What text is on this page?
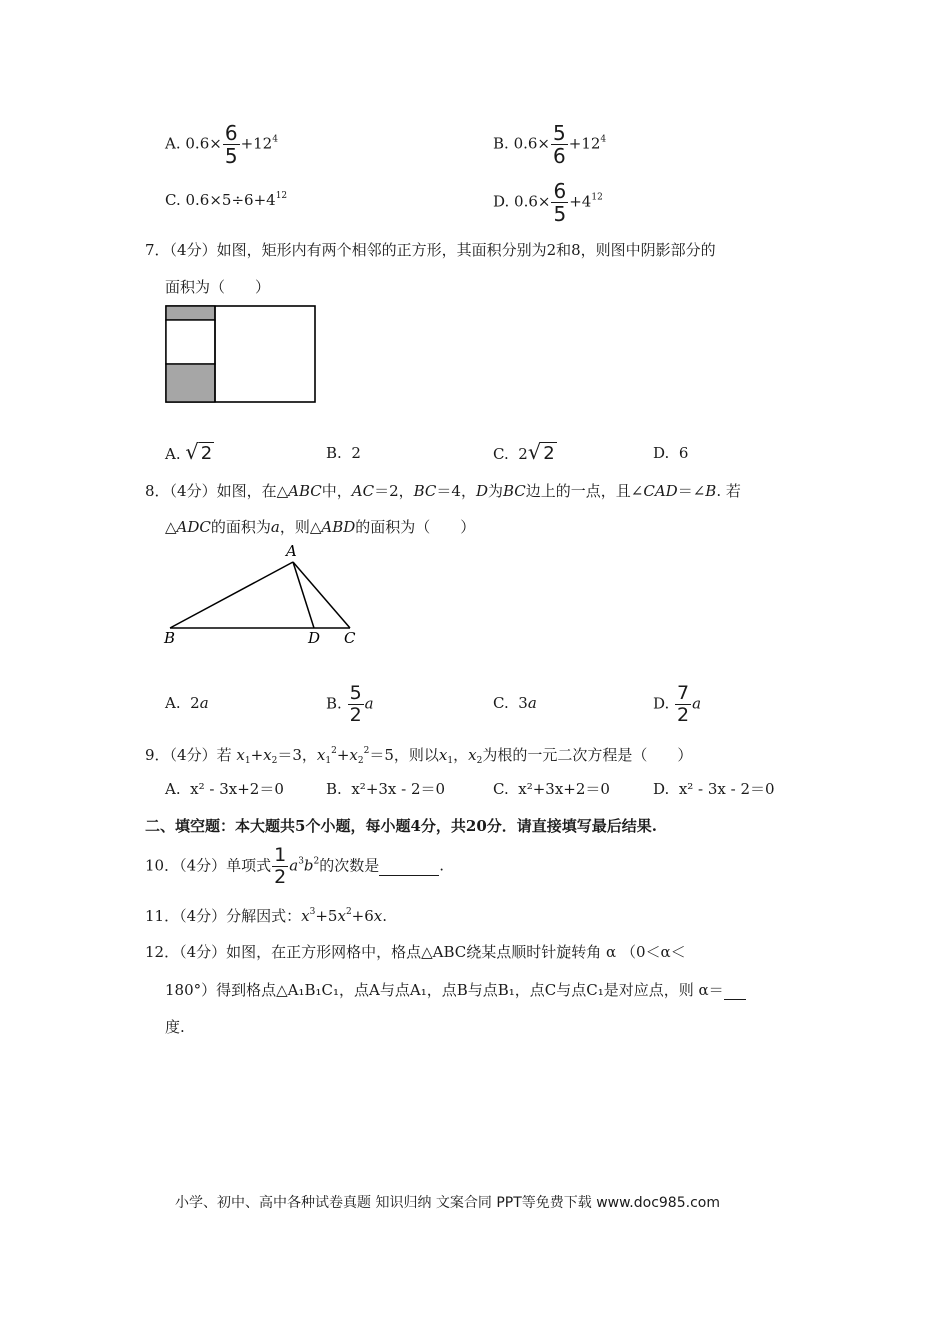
A. $0.6\times \frac{6}{5} +12^4$	B. $0.6\times \frac{5}{6} +12^4$
C. $0.6\times 5\div 6+4^{12}$	D. $0.6\times \frac{6}{5} +4^{12}$
7．（4分）如图，矩形内有两个相邻的正方形，其面积分别为2和8，则图中阴影部分的
面积为（　　）
A. √ 2	B. 2	C. 2√ 2	D. 6
8．（4分）如图，在△ABC中，AC＝2，BC＝4，D为BC边上的一点，且∠CAD＝∠B. 若
△ADC的面积为a，则△ABD的面积为（　　）
A
B	D C
A. 2a	B. $\frac{5}{2}$ a	C. 3a	D. $\frac{7}{2}$ a
9．（4分）若 $x_1+x_2=3$，$x_1^2+x_2^2=5$，则以$x_1$，$x_2$为根的一元二次方程是（　　）
A. x² - 3x+2＝0	B. x²+3x - 2＝0	C. x²+3x+2＝0	D. x² - 3x - 2＝0
二、填空题：本大题共5个小题，每小题4分，共20分．请直接填写最后结果.
10．（4分）单项式 $\frac{1}{2} a^3b^2$的次数是	.
11．（4分）分解因式：$x^3+5x^2+6x$.
12．（4分）如图，在正方形网格中，格点△ABC绕某点顺时针旋转角 α （0＜α＜
180°）得到格点△A₁B₁C₁，点A与点A₁，点B与点B₁，点C与点C₁是对应点，则 α＝
度.
小学、初中、高中各种试卷真题 知识归纳 文案合同 PPT等免费下载 www.doc985.com
